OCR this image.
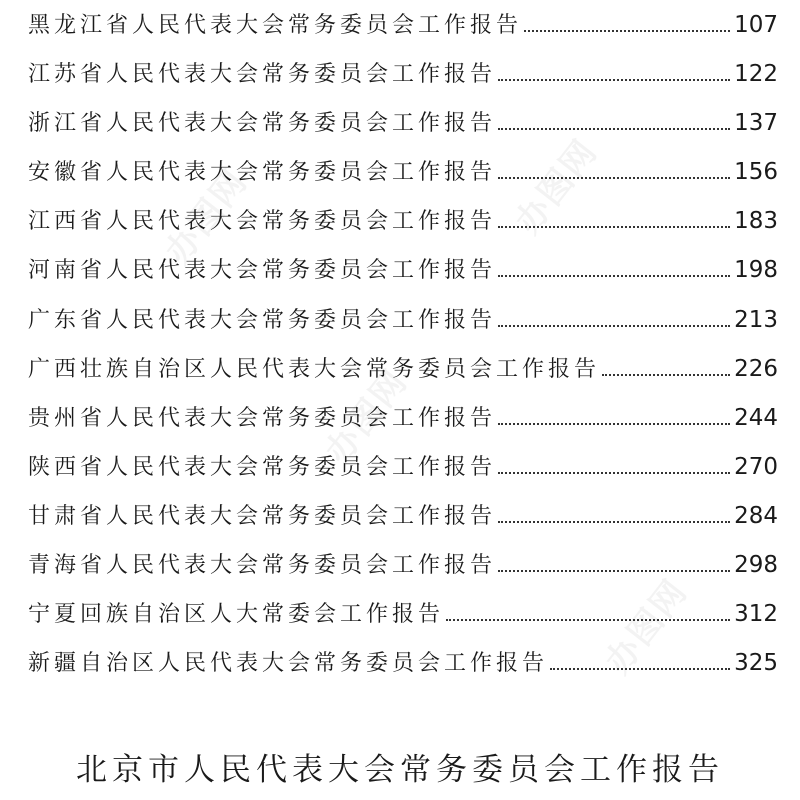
办图网	办图网
办图网
办图网
黑龙江省人民代表大会常务委员会工作报告	107
江苏省人民代表大会常务委员会工作报告	122
浙江省人民代表大会常务委员会工作报告	137
安徽省人民代表大会常务委员会工作报告	156
江西省人民代表大会常务委员会工作报告	183
河南省人民代表大会常务委员会工作报告	198
广东省人民代表大会常务委员会工作报告	213
广西壮族自治区人民代表大会常务委员会工作报告	226
贵州省人民代表大会常务委员会工作报告	244
陕西省人民代表大会常务委员会工作报告	270
甘肃省人民代表大会常务委员会工作报告	284
青海省人民代表大会常务委员会工作报告	298
宁夏回族自治区人大常委会工作报告	312
新疆自治区人民代表大会常务委员会工作报告	325
北京市人民代表大会常务委员会工作报告
